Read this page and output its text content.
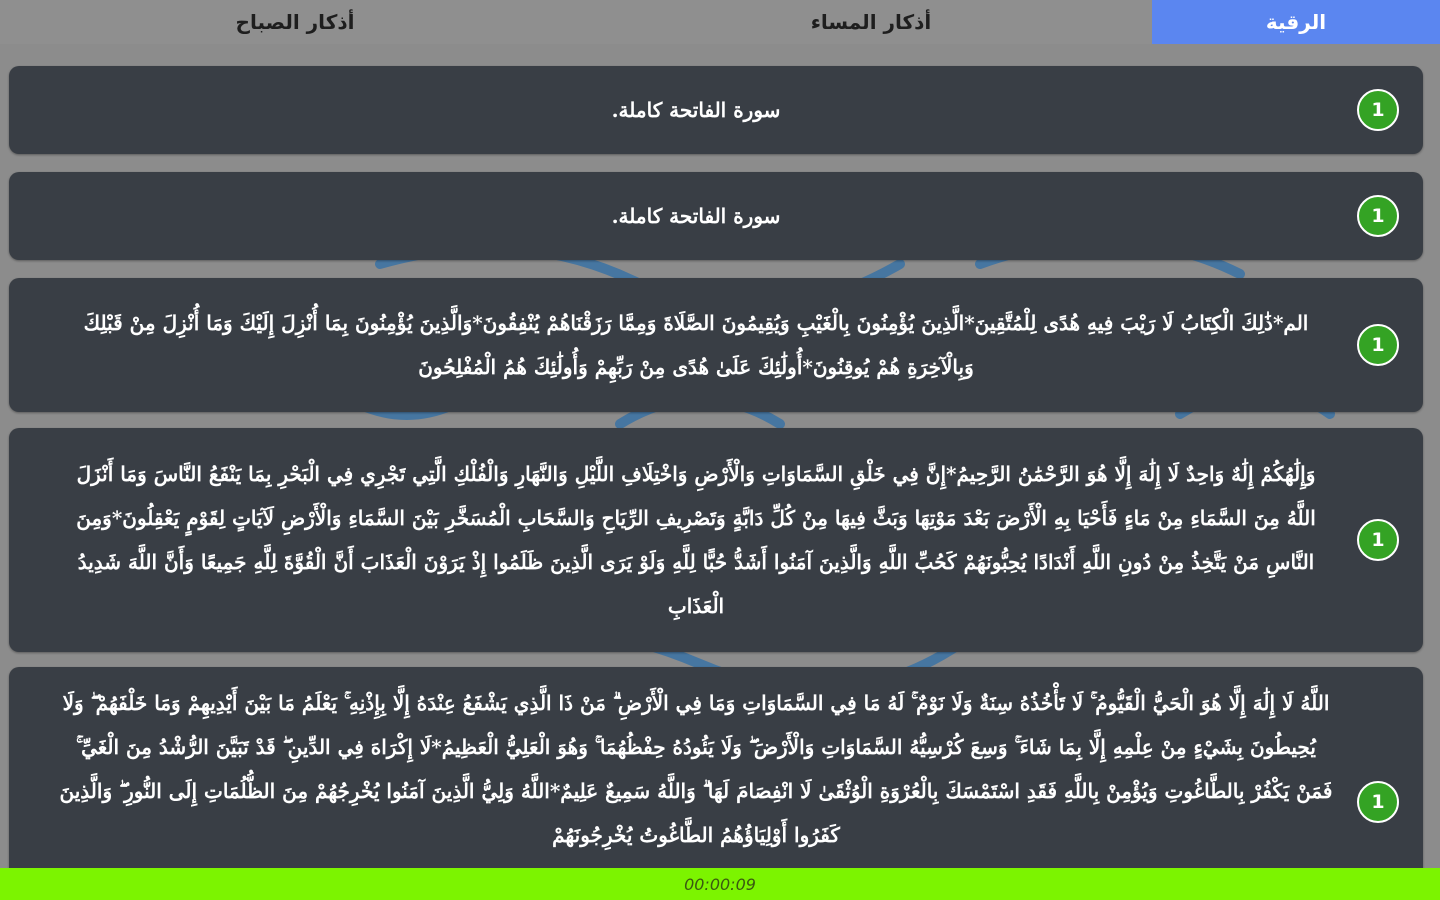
أذكار الصباح	أذكار المساء	الرقية
سورة الفاتحة كاملة.	1
سورة الفاتحة كاملة.	1
الم*ذَٰلِكَ الْكِتَابُ لَا رَيْبَ فِيهِ هُدًى لِلْمُتَّقِينَ*الَّذِينَ يُؤْمِنُونَ بِالْغَيْبِ وَيُقِيمُونَ الصَّلَاةَ وَمِمَّا رَزَقْنَاهُمْ يُنْفِقُونَ*وَالَّذِينَ يُؤْمِنُونَ بِمَا أُنْزِلَ إِلَيْكَ وَمَا أُنْزِلَ مِنْ قَبْلِكَ وَبِالْآخِرَةِ هُمْ يُوقِنُونَ*أُولَٰئِكَ عَلَىٰ هُدًى مِنْ رَبِّهِمْ وَأُولَٰئِكَ هُمُ الْمُفْلِحُونَ
1
وَإِلَٰهُكُمْ إِلَٰهٌ وَاحِدٌ لَا إِلَٰهَ إِلَّا هُوَ الرَّحْمَٰنُ الرَّحِيمُ*إِنَّ فِي خَلْقِ السَّمَاوَاتِ وَالْأَرْضِ وَاخْتِلَافِ اللَّيْلِ وَالنَّهَارِ وَالْفُلْكِ الَّتِي تَجْرِي فِي الْبَحْرِ بِمَا يَنْفَعُ النَّاسَ وَمَا أَنْزَلَ اللَّهُ مِنَ السَّمَاءِ مِنْ مَاءٍ فَأَحْيَا بِهِ الْأَرْضَ بَعْدَ مَوْتِهَا وَبَثَّ فِيهَا مِنْ كُلِّ دَابَّةٍ وَتَصْرِيفِ الرِّيَاحِ وَالسَّحَابِ الْمُسَخَّرِ بَيْنَ السَّمَاءِ وَالْأَرْضِ لَآيَاتٍ لِقَوْمٍ يَعْقِلُونَ*وَمِنَ النَّاسِ مَنْ يَتَّخِذُ مِنْ دُونِ اللَّهِ أَنْدَادًا يُحِبُّونَهُمْ كَحُبِّ اللَّهِ وَالَّذِينَ آمَنُوا أَشَدُّ حُبًّا لِلَّهِ وَلَوْ يَرَى الَّذِينَ ظَلَمُوا إِذْ يَرَوْنَ الْعَذَابَ أَنَّ الْقُوَّةَ لِلَّهِ جَمِيعًا وَأَنَّ اللَّهَ شَدِيدُ الْعَذَابِ
1
اللَّهُ لَا إِلَٰهَ إِلَّا هُوَ الْحَيُّ الْقَيُّومُ ۚ لَا تَأْخُذُهُ سِنَةٌ وَلَا نَوْمٌ ۚ لَهُ مَا فِي السَّمَاوَاتِ وَمَا فِي الْأَرْضِ ۗ مَنْ ذَا الَّذِي يَشْفَعُ عِنْدَهُ إِلَّا بِإِذْنِهِ ۚ يَعْلَمُ مَا بَيْنَ أَيْدِيهِمْ وَمَا خَلْفَهُمْ ۖ وَلَا يُحِيطُونَ بِشَيْءٍ مِنْ عِلْمِهِ إِلَّا بِمَا شَاءَ ۚ وَسِعَ كُرْسِيُّهُ السَّمَاوَاتِ وَالْأَرْضَ ۖ وَلَا يَئُودُهُ حِفْظُهُمَا ۚ وَهُوَ الْعَلِيُّ الْعَظِيمُ*لَا إِكْرَاهَ فِي الدِّينِ ۖ قَدْ تَبَيَّنَ الرُّشْدُ مِنَ الْغَيِّ ۚ فَمَنْ يَكْفُرْ بِالطَّاغُوتِ وَيُؤْمِنْ بِاللَّهِ فَقَدِ اسْتَمْسَكَ بِالْعُرْوَةِ الْوُثْقَىٰ لَا انْفِصَامَ لَهَا ۗ وَاللَّهُ سَمِيعٌ عَلِيمٌ*اللَّهُ وَلِيُّ الَّذِينَ آمَنُوا يُخْرِجُهُمْ مِنَ الظُّلُمَاتِ إِلَى النُّورِ ۖ وَالَّذِينَ كَفَرُوا أَوْلِيَاؤُهُمُ الطَّاغُوتُ يُخْرِجُونَهُمْ
1
00:00:09
